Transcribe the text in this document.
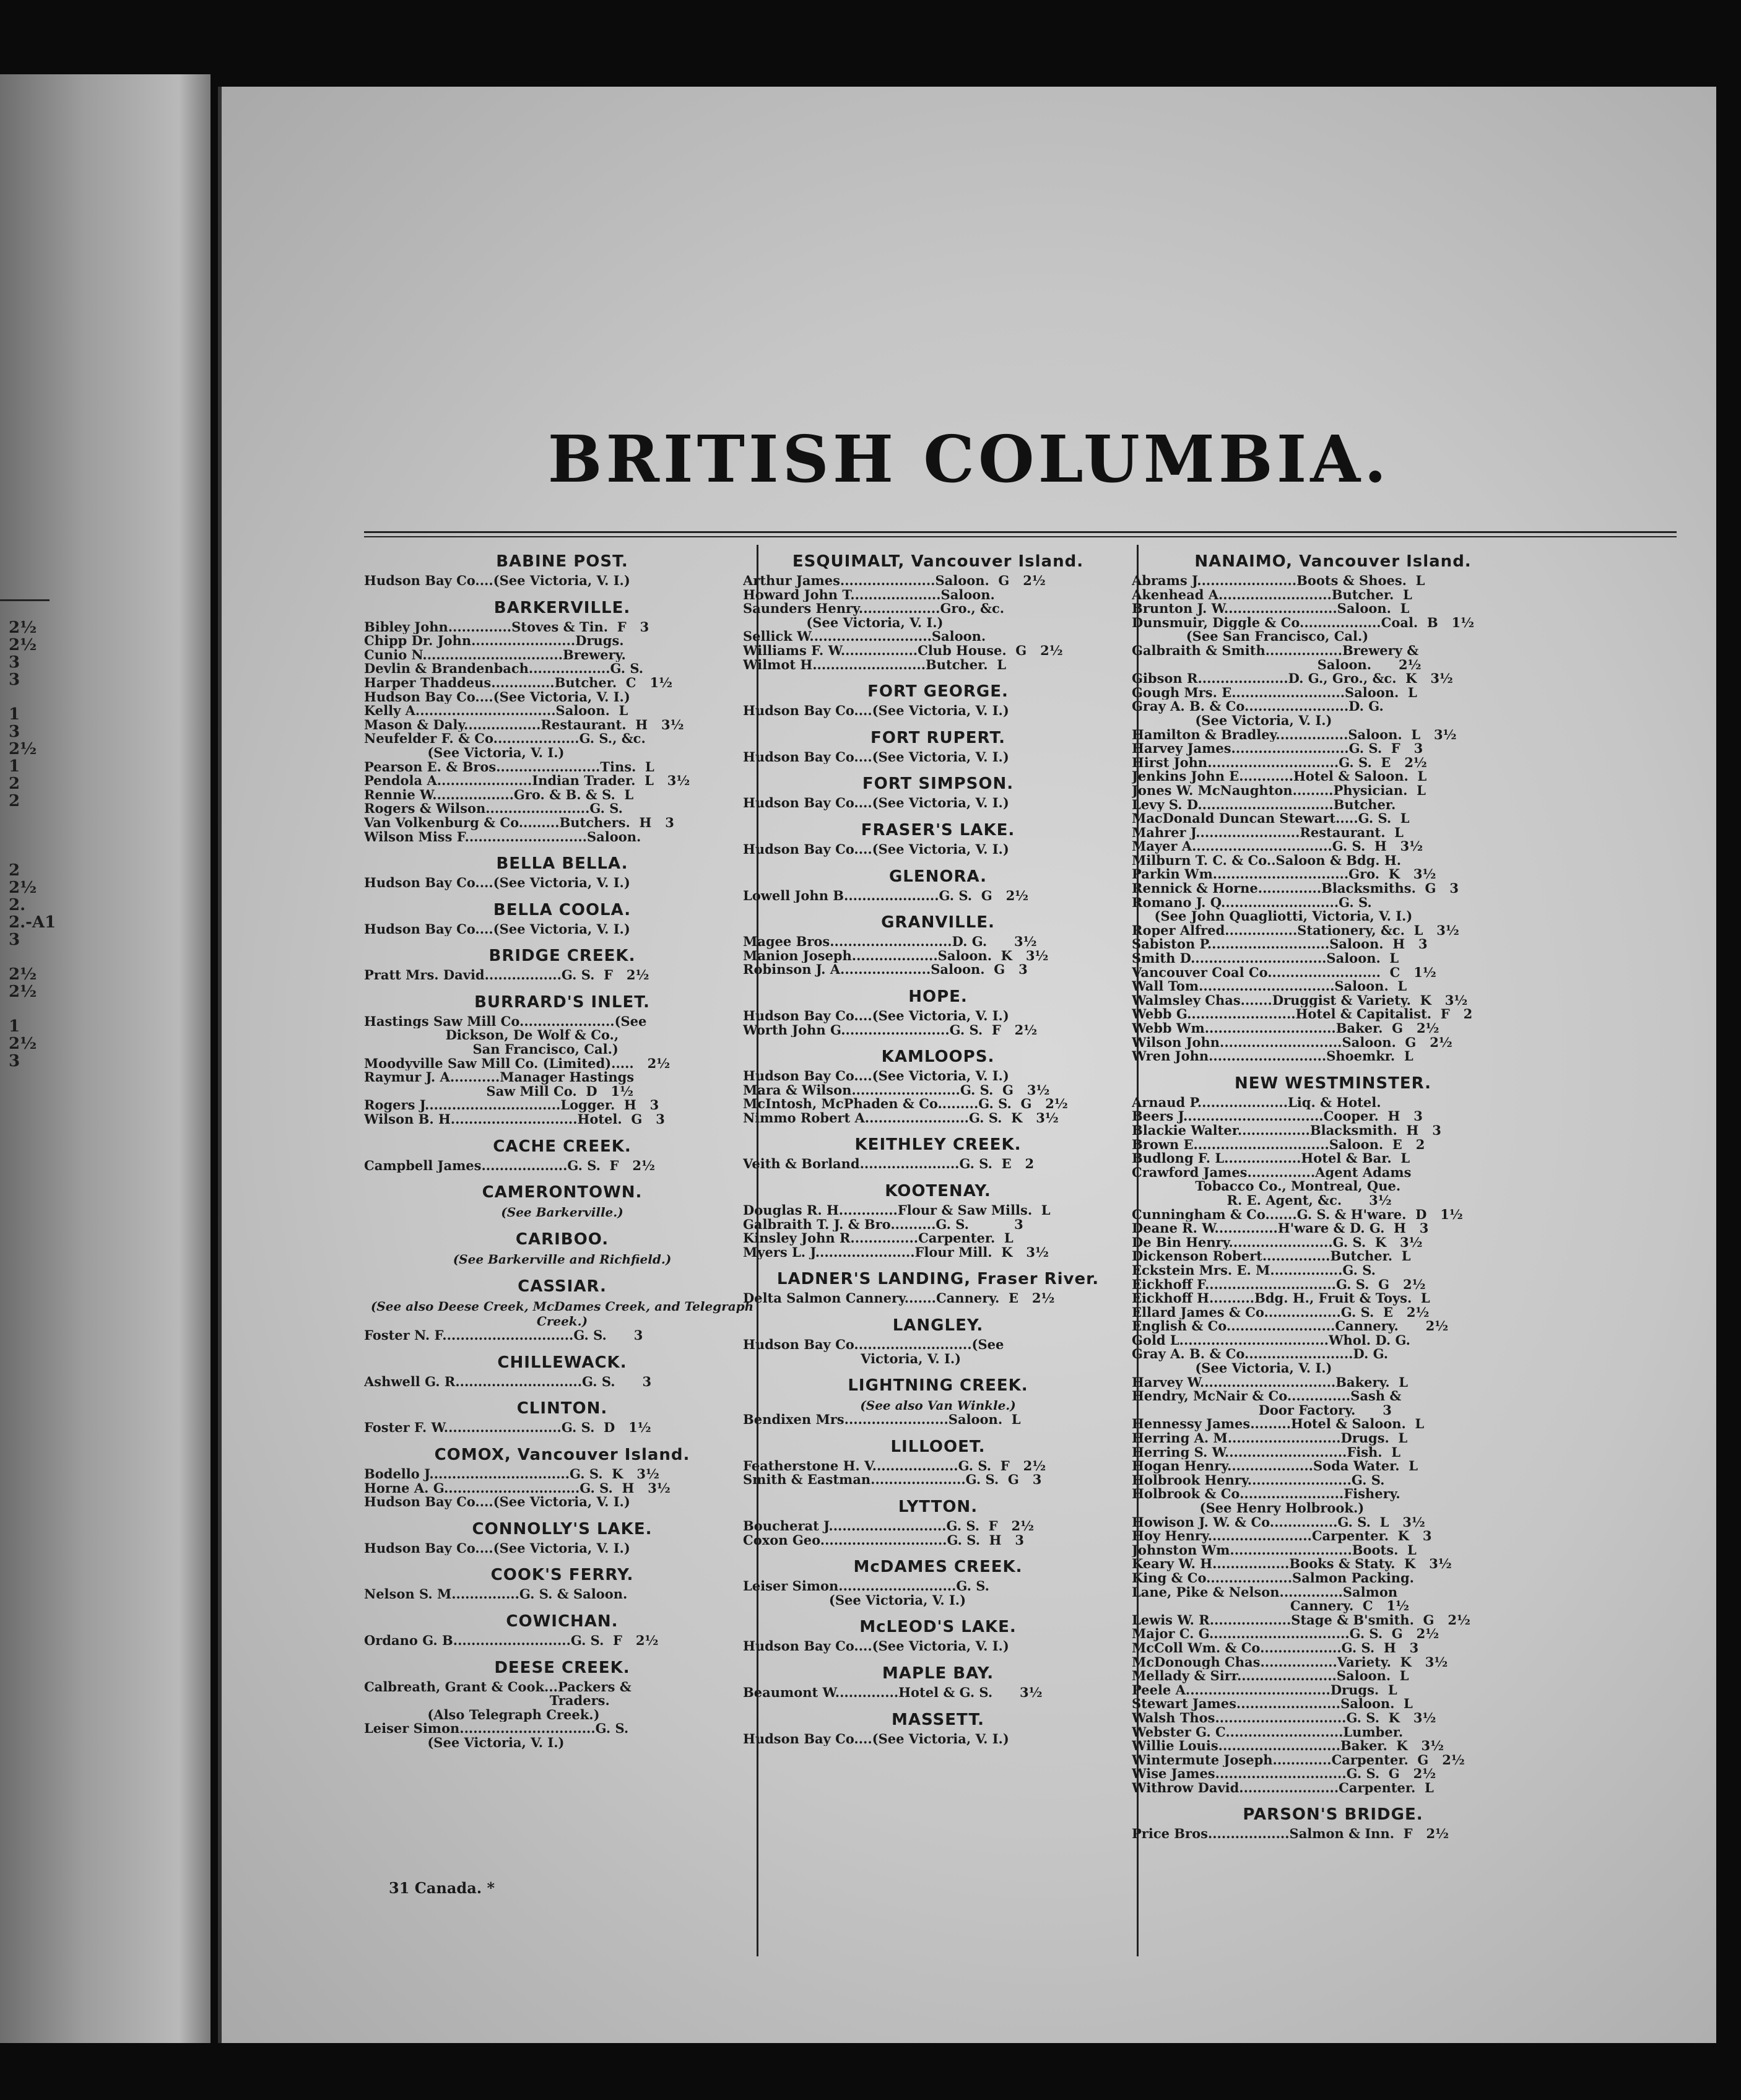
2½
2½
3
3
1
3
2½
1
2
2
2
2½
2.
2.-A1
3
2½
2½
1
2½
3
BRITISH COLUMBIA.
BABINE POST.
Hudson Bay Co....(See Victoria, V. I.)
BARKERVILLE.
Bibley John..............Stoves & Tin.  F   3
Chipp Dr. John.......................Drugs.
Cunio N...............................Brewery.
Devlin & Brandenbach..................G. S.
Harper Thaddeus..............Butcher.  C   1½
Hudson Bay Co....(See Victoria, V. I.)
Kelly A...............................Saloon.  L
Mason & Daly.................Restaurant.  H   3½
Neufelder F. & Co...................G. S., &c.
(See Victoria, V. I.)
Pearson E. & Bros.......................Tins.  L
Pendola A.....................Indian Trader.  L   3½
Rennie W..................Gro. & B. & S.  L
Rogers & Wilson.......................G. S.
Van Volkenburg & Co.........Butchers.  H   3
Wilson Miss F...........................Saloon.
BELLA BELLA.
Hudson Bay Co....(See Victoria, V. I.)
BELLA COOLA.
Hudson Bay Co....(See Victoria, V. I.)
BRIDGE CREEK.
Pratt Mrs. David.................G. S.  F   2½
BURRARD'S INLET.
Hastings Saw Mill Co.....................(See
Dickson, De Wolf & Co.,
San Francisco, Cal.)
Moodyville Saw Mill Co. (Limited).....   2½
Raymur J. A...........Manager Hastings
Saw Mill Co.  D   1½
Rogers J..............................Logger.  H   3
Wilson B. H............................Hotel.  G   3
CACHE CREEK.
Campbell James...................G. S.  F   2½
CAMERONTOWN.
(See Barkerville.)
CARIBOO.
(See Barkerville and Richfield.)
CASSIAR.
(See also Deese Creek, McDames Creek, and Telegraph Creek.)
Foster N. F.............................G. S.      3
CHILLEWACK.
Ashwell G. R............................G. S.      3
CLINTON.
Foster F. W..........................G. S.  D   1½
COMOX, Vancouver Island.
Bodello J...............................G. S.  K   3½
Horne A. G..............................G. S.  H   3½
Hudson Bay Co....(See Victoria, V. I.)
CONNOLLY'S LAKE.
Hudson Bay Co....(See Victoria, V. I.)
COOK'S FERRY.
Nelson S. M...............G. S. & Saloon.
COWICHAN.
Ordano G. B..........................G. S.  F   2½
DEESE CREEK.
Calbreath, Grant & Cook...Packers &
Traders.
(Also Telegraph Creek.)
Leiser Simon..............................G. S.
(See Victoria, V. I.)
ESQUIMALT, Vancouver Island.
Arthur James.....................Saloon.  G   2½
Howard John T....................Saloon.
Saunders Henry..................Gro., &c.
(See Victoria, V. I.)
Sellick W...........................Saloon.
Williams F. W.................Club House.  G   2½
Wilmot H.........................Butcher.  L
FORT GEORGE.
Hudson Bay Co....(See Victoria, V. I.)
FORT RUPERT.
Hudson Bay Co....(See Victoria, V. I.)
FORT SIMPSON.
Hudson Bay Co....(See Victoria, V. I.)
FRASER'S LAKE.
Hudson Bay Co....(See Victoria, V. I.)
GLENORA.
Lowell John B.....................G. S.  G   2½
GRANVILLE.
Magee Bros...........................D. G.      3½
Manion Joseph...................Saloon.  K   3½
Robinson J. A....................Saloon.  G   3
HOPE.
Hudson Bay Co....(See Victoria, V. I.)
Worth John G........................G. S.  F   2½
KAMLOOPS.
Hudson Bay Co....(See Victoria, V. I.)
Mara & Wilson........................G. S.  G   3½
McIntosh, McPhaden & Co.........G. S.  G   2½
Nimmo Robert A.......................G. S.  K   3½
KEITHLEY CREEK.
Veith & Borland......................G. S.  E   2
KOOTENAY.
Douglas R. H.............Flour & Saw Mills.  L
Galbraith T. J. & Bro..........G. S.          3
Kinsley John R...............Carpenter.  L
Myers L. J......................Flour Mill.  K   3½
LADNER'S LANDING, Fraser River.
Delta Salmon Cannery.......Cannery.  E   2½
LANGLEY.
Hudson Bay Co..........................(See
Victoria, V. I.)
LIGHTNING CREEK.
(See also Van Winkle.)
Bendixen Mrs.......................Saloon.  L
LILLOOET.
Featherstone H. V...................G. S.  F   2½
Smith & Eastman.....................G. S.  G   3
LYTTON.
Boucherat J..........................G. S.  F   2½
Coxon Geo............................G. S.  H   3
McDAMES CREEK.
Leiser Simon..........................G. S.
(See Victoria, V. I.)
McLEOD'S LAKE.
Hudson Bay Co....(See Victoria, V. I.)
MAPLE BAY.
Beaumont W..............Hotel & G. S.      3½
MASSETT.
Hudson Bay Co....(See Victoria, V. I.)
NANAIMO, Vancouver Island.
Abrams J......................Boots & Shoes.  L
Akenhead A.........................Butcher.  L
Brunton J. W.........................Saloon.  L
Dunsmuir, Diggle & Co..................Coal.  B   1½
(See San Francisco, Cal.)
Galbraith & Smith.................Brewery &
Saloon.      2½
Gibson R....................D. G., Gro., &c.  K   3½
Gough Mrs. E.........................Saloon.  L
Gray A. B. & Co.......................D. G.
(See Victoria, V. I.)
Hamilton & Bradley................Saloon.  L   3½
Harvey James..........................G. S.  F   3
Hirst John.............................G. S.  E   2½
Jenkins John E............Hotel & Saloon.  L
Jones W. McNaughton.........Physician.  L
Levy S. D..............................Butcher.
MacDonald Duncan Stewart.....G. S.  L
Mahrer J.......................Restaurant.  L
Mayer A...............................G. S.  H   3½
Milburn T. C. & Co..Saloon & Bdg. H.
Parkin Wm..............................Gro.  K   3½
Rennick & Horne..............Blacksmiths.  G   3
Romano J. Q..........................G. S.
(See John Quagliotti, Victoria, V. I.)
Roper Alfred................Stationery, &c.  L   3½
Sabiston P...........................Saloon.  H   3
Smith D..............................Saloon.  L
Vancouver Coal Co.........................  C   1½
Wall Tom..............................Saloon.  L
Walmsley Chas.......Druggist & Variety.  K   3½
Webb G........................Hotel & Capitalist.  F   2
Webb Wm.............................Baker.  G   2½
Wilson John...........................Saloon.  G   2½
Wren John..........................Shoemkr.  L
NEW WESTMINSTER.
Arnaud P....................Liq. & Hotel.
Beers J...............................Cooper.  H   3
Blackie Walter................Blacksmith.  H   3
Brown E..............................Saloon.  E   2
Budlong F. L.................Hotel & Bar.  L
Crawford James...............Agent Adams
Tobacco Co., Montreal, Que.
R. E. Agent, &c.      3½
Cunningham & Co.......G. S. & H'ware.  D   1½
Deane R. W..............H'ware & D. G.  H   3
De Bin Henry.......................G. S.  K   3½
Dickenson Robert...............Butcher.  L
Eckstein Mrs. E. M................G. S.
Eickhoff F.............................G. S.  G   2½
Eickhoff H..........Bdg. H., Fruit & Toys.  L
Ellard James & Co.................G. S.  E   2½
English & Co........................Cannery.      2½
Gold L.................................Whol. D. G.
Gray A. B. & Co........................D. G.
(See Victoria, V. I.)
Harvey W..............................Bakery.  L
Hendry, McNair & Co..............Sash &
Door Factory.      3
Hennessy James.........Hotel & Saloon.  L
Herring A. M.........................Drugs.  L
Herring S. W...........................Fish.  L
Hogan Henry...................Soda Water.  L
Holbrook Henry.......................G. S.
Holbrook & Co.......................Fishery.
(See Henry Holbrook.)
Howison J. W. & Co...............G. S.  L   3½
Hoy Henry.......................Carpenter.  K   3
Johnston Wm...........................Boots.  L
Keary W. H.................Books & Staty.  K   3½
King & Co...................Salmon Packing.
Lane, Pike & Nelson..............Salmon
Cannery.  C   1½
Lewis W. R..................Stage & B'smith.  G   2½
Major C. G...............................G. S.  G   2½
McColl Wm. & Co..................G. S.  H   3
McDonough Chas.................Variety.  K   3½
Mellady & Sirr......................Saloon.  L
Peele A................................Drugs.  L
Stewart James.......................Saloon.  L
Walsh Thos.............................G. S.  K   3½
Webster G. C..........................Lumber.
Willie Louis...........................Baker.  K   3½
Wintermute Joseph.............Carpenter.  G   2½
Wise James.............................G. S.  G   2½
Withrow David......................Carpenter.  L
PARSON'S BRIDGE.
Price Bros..................Salmon & Inn.  F   2½
31 Canada. *
